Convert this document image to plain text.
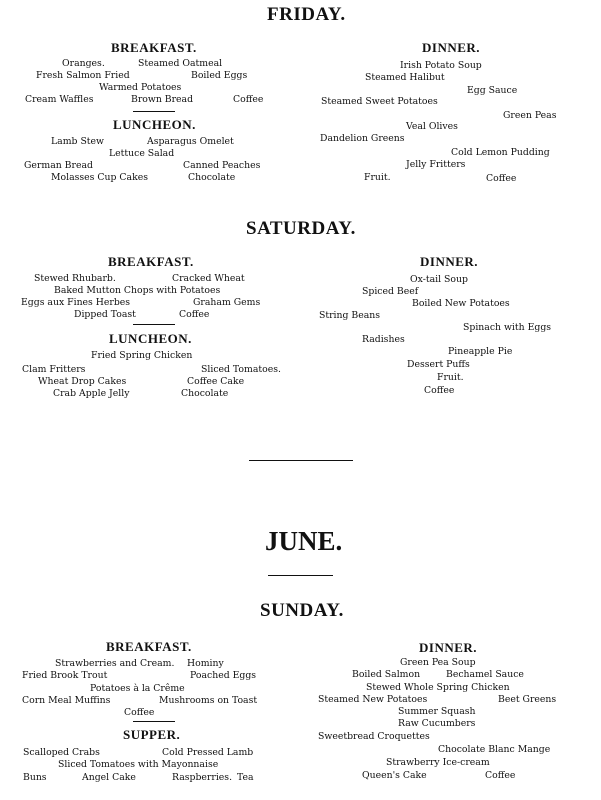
FRIDAY.
BREAKFAST.
Oranges.	Steamed Oatmeal
Fresh Salmon Fried	Boiled Eggs
Warmed Potatoes
Cream Waffles	Brown Bread	Coffee
LUNCHEON.
Lamb Stew	Asparagus Omelet
Lettuce Salad
German Bread	Canned Peaches
Molasses Cup Cakes	Chocolate
DINNER.
Irish Potato Soup
Steamed Halibut
Egg Sauce
Steamed Sweet Potatoes
Green Peas
Veal Olives
Dandelion Greens
Cold Lemon Pudding
Jelly Fritters
Fruit.	Coffee
SATURDAY.
BREAKFAST.
Stewed Rhubarb.	Cracked Wheat
Baked Mutton Chops with Potatoes
Eggs aux Fines Herbes	Graham Gems
Dipped Toast	Coffee
LUNCHEON.
Fried Spring Chicken
Clam Fritters	Sliced Tomatoes.
Wheat Drop Cakes	Coffee Cake
Crab Apple Jelly	Chocolate
DINNER.
Ox-tail Soup
Spiced Beef
Boiled New Potatoes
String Beans
Spinach with Eggs
Radishes
Pineapple Pie
Dessert Puffs
Fruit.
Coffee
JUNE.
SUNDAY.
BREAKFAST.
Strawberries and Cream. Hominy
Fried Brook Trout	Poached Eggs
Potatoes à la Crême
Corn Meal Muffins	Mushrooms on Toast
Coffee
SUPPER.
Scalloped Crabs	Cold Pressed Lamb
Sliced Tomatoes with Mayonnaise
Buns	Angel Cake	Raspberries. Tea
DINNER.
Green Pea Soup
Boiled Salmon	Bechamel Sauce
Stewed Whole Spring Chicken
Steamed New Potatoes	Beet Greens
Summer Squash
Raw Cucumbers
Sweetbread Croquettes
Chocolate Blanc Mange
Strawberry Ice-cream
Queen's Cake	Coffee
